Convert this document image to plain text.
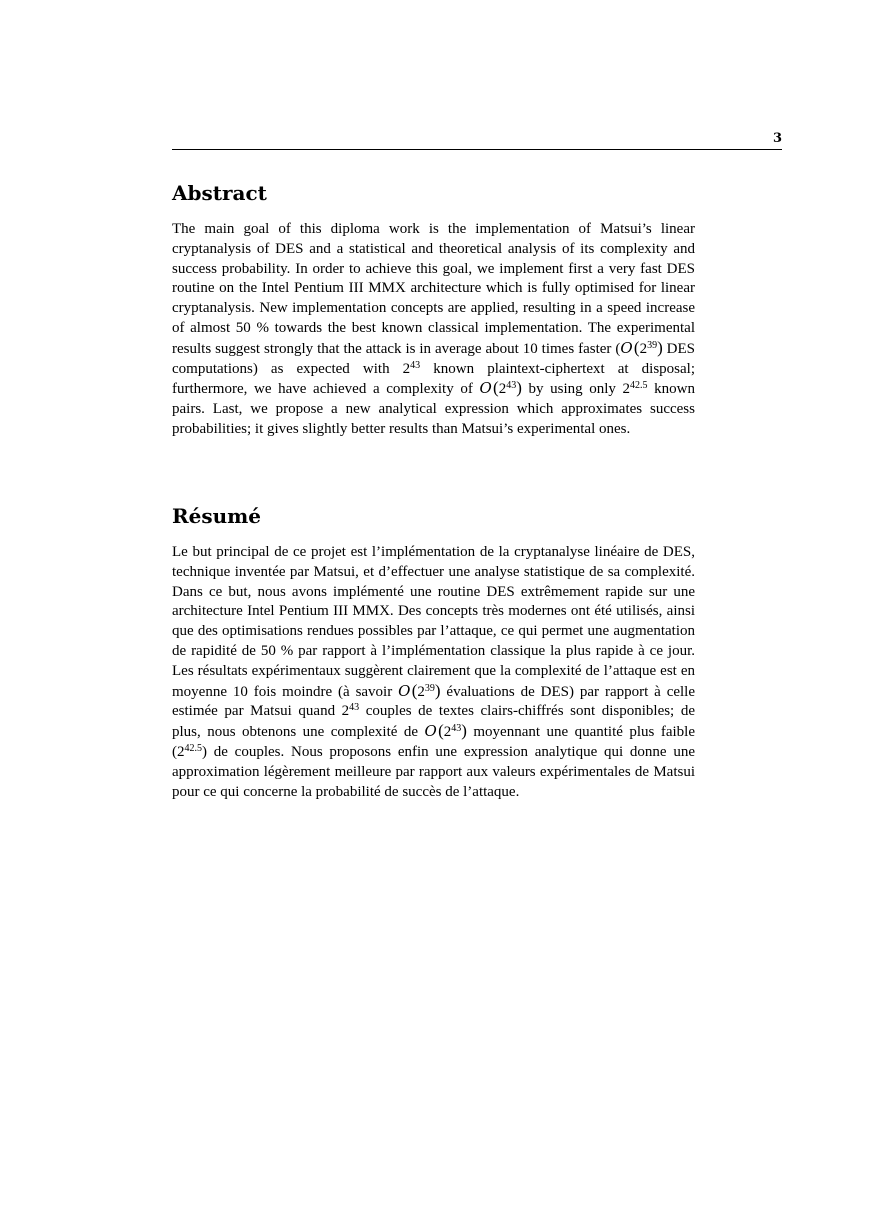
3
Abstract

The main goal of this diploma work is the implementation of Matsui’s linear cryptanalysis of DES and a statistical and theoretical analysis of its complexity and success probability. In order to achieve this goal, we implement first a very fast DES routine on the Intel Pentium III MMX architecture which is fully optimised for linear cryptanalysis. New implementation concepts are applied, resulting in a speed increase of almost 50 % towards the best known classical implementation. The experimental results suggest strongly that the attack is in average about 10 times faster (O $(2^{39})$ DES computations) as expected with $2^{43}$ known plaintext-ciphertext at disposal; furthermore, we have achieved a complexity of O $(2^{43})$ by using only $2^{42.5}$ known pairs. Last, we propose a new analytical expression which approximates success probabilities; it gives slightly better results than Matsui’s experimental ones.

Résumé

Le but principal de ce projet est l’implémentation de la cryptanalyse linéaire de DES, technique inventée par Matsui, et d’effectuer une analyse statistique de sa complexité. Dans ce but, nous avons implémenté une routine DES extrêmement rapide sur une architecture Intel Pentium III MMX. Des concepts très modernes ont été utilisés, ainsi que des optimisations rendues possibles par l’attaque, ce qui permet une augmentation de rapidité de 50 % par rapport à l’implémentation classique la plus rapide à ce jour. Les résultats expérimentaux suggèrent clairement que la complexité de l’attaque est en moyenne 10 fois moindre (à savoir O $(2^{39})$ évaluations de DES) par rapport à celle estimée par Matsui quand $2^{43}$ couples de textes clairs-chiffrés sont disponibles; de plus, nous obtenons une complexité de O $(2^{43})$ moyennant une quantité plus faible $(2^{42.5})$ de couples. Nous proposons enfin une expression analytique qui donne une approximation légèrement meilleure par rapport aux valeurs expérimentales de Matsui pour ce qui concerne la probabilité de succès de l’attaque.
